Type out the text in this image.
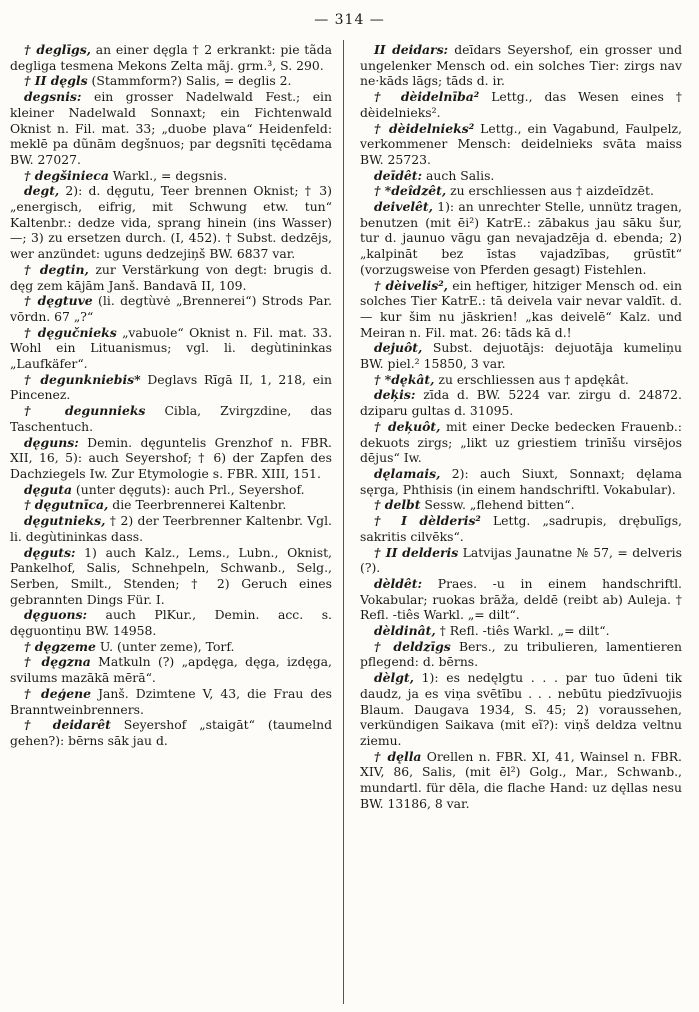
— 314 —

† deglīgs, an einer dęgla † 2 erkrankt: pie tãda degliga tesmena Mekons Zelta mãj. grm.³, S. 290.

† II dęgls (Stammform?) Salis, = deglis 2.

degsnis: ein grosser Nadelwald Fest.; ein kleiner Nadelwald Sonnaxt; ein Fichtenwald Oknist n. Fil. mat. 33; „duobe plava“ Heidenfeld: meklē pa dũnām degšnuos; par degsnīti tęcēdama BW. 27027.

† degšinieca Warkl., = degsnis.

degt, 2): d. dęgutu, Teer brennen Oknist; † 3) „energisch, eifrig, mit Schwung etw. tun“ Kaltenbr.: dedze vida, sprang hinein (ins Wasser) —; 3) zu ersetzen durch. (I, 452). † Subst. dedzējs, wer anzündet: uguns dedzejiņš BW. 6837 var.

† degtin, zur Verstärkung von degt: brugis d. dęg zem kājām Janš. Bandavā II, 109.

† dęgtuve (li. degtùvė „Brennerei“) Strods Par. vōrdn. 67 „?“

† dęgučnieks „vabuole“ Oknist n. Fil. mat. 33. Wohl ein Lituanismus; vgl. li. degùtininkas „Laufkäfer“.

† degunkniebis* Deglavs Rīgā II, 1, 218, ein Pincenez.

† degunnieks Cibla, Zvirgzdine, das Taschentuch.

dęguns: Demin. dęguntelis Grenzhof n. FBR. XII, 16, 5): auch Seyershof; † 6) der Zapfen des Dachziegels Iw. Zur Etymologie s. FBR. XIII, 151.

dęguta (unter dęguts): auch Prl., Seyershof.

† dęgutnīca, die Teerbrennerei Kaltenbr.

dęgutnieks, † 2) der Teerbrenner Kaltenbr. Vgl. li. degùtininkas dass.

dęguts: 1) auch Kalz., Lems., Lubn., Oknist, Pankelhof, Salis, Schnehpeln, Schwanb., Selg., Serben, Smilt., Stenden; † 2) Geruch eines gebrannten Dings Für. I.

dęguons: auch PlKur., Demin. acc. s. dęguontiņu BW. 14958.

† dęgzeme U. (unter zeme), Torf.

† dęgzna Matkuln (?) „apdęga, dęga, izdęga, svilums mazākā mērā“.

† deģene Janš. Dzimtene V, 43, die Frau des Branntweinbrenners.

† deidarêt Seyershof „staigāt“ (taumelnd gehen?): bērns sāk jau d.

II deidars: deīdars Seyershof, ein grosser und ungelenker Mensch od. ein solches Tier: zirgs nav ne·kāds lāgs; tāds d. ir.

† dèidelnība² Lettg., das Wesen eines † dèidelnieks².

† dèidelnieks² Lettg., ein Vagabund, Faulpelz, verkommener Mensch: deidelnieks svāta maiss BW. 25723.

deīdêt: auch Salis.

† *deîdzêt, zu erschliessen aus † aizdeīdzēt.

deivelêt, 1): an unrechter Stelle, unnütz tragen, benutzen (mit ēi²) KatrE.: zābakus jau sāku šur, tur d. jaunuo vāgu gan nevajadzēja d. ebenda; 2) „kalpināt bez īstas vajadzības, grūstīt“ (vorzugsweise von Pferden gesagt) Fistehlen.

† dèivelis², ein heftiger, hitziger Mensch od. ein solches Tier KatrE.: tā deivela vair nevar valdīt. d. — kur šim nu jāskrien! „kas deivelē“ Kalz. und Meiran n. Fil. mat. 26: tāds kā d.!

dejuôt, Subst. dejuotājs: dejuotāja kumeliņu BW. piel.² 15850, 3 var.

† *dękât, zu erschliessen aus † apdękât.

deķis: zīda d. BW. 5224 var. zirgu d. 24872. dziparu gultas d. 31095.

† deķuôt, mit einer Decke bedecken Frauenb.: dekuots zirgs; „likt uz griestiem trinīšu virsējos dējus“ Iw.

dęlamais, 2): auch Siuxt, Sonnaxt; dęlama sęrga, Phthisis (in einem handschriftl. Vokabular).

† delbt Sessw. „flehend bitten“.

† I dèlderis² Lettg. „sadrupis, drębulīgs, sakritis cilvēks“.

† II delderis Latvijas Jaunatne № 57, = delveris (?).

dèldêt: Praes. -u in einem handschriftl. Vokabular; ruokas brāža, deldē (reibt ab) Auleja. † Refl. -tiês Warkl. „= dilt“.

dèldinât, † Refl. -tiês Warkl. „= dilt“.

† deldzīgs Bers., zu tribulieren, lamentieren pflegend: d. bērns.

dèlgt, 1): es nedęlgtu . . . par tuo ūdeni tik daudz, ja es viņa svētību . . . nebūtu piedzīvuojis Blaum. Daugava 1934, S. 45; 2) voraussehen, verkündigen Saikava (mit eĩ?): viņš deldza veltnu ziemu.

† dęlla Orellen n. FBR. XI, 41, Wainsel n. FBR. XIV, 86, Salis, (mit ēl²) Golg., Mar., Schwanb., mundartl. für dēla, die flache Hand: uz dęllas nesu BW. 13186, 8 var.
